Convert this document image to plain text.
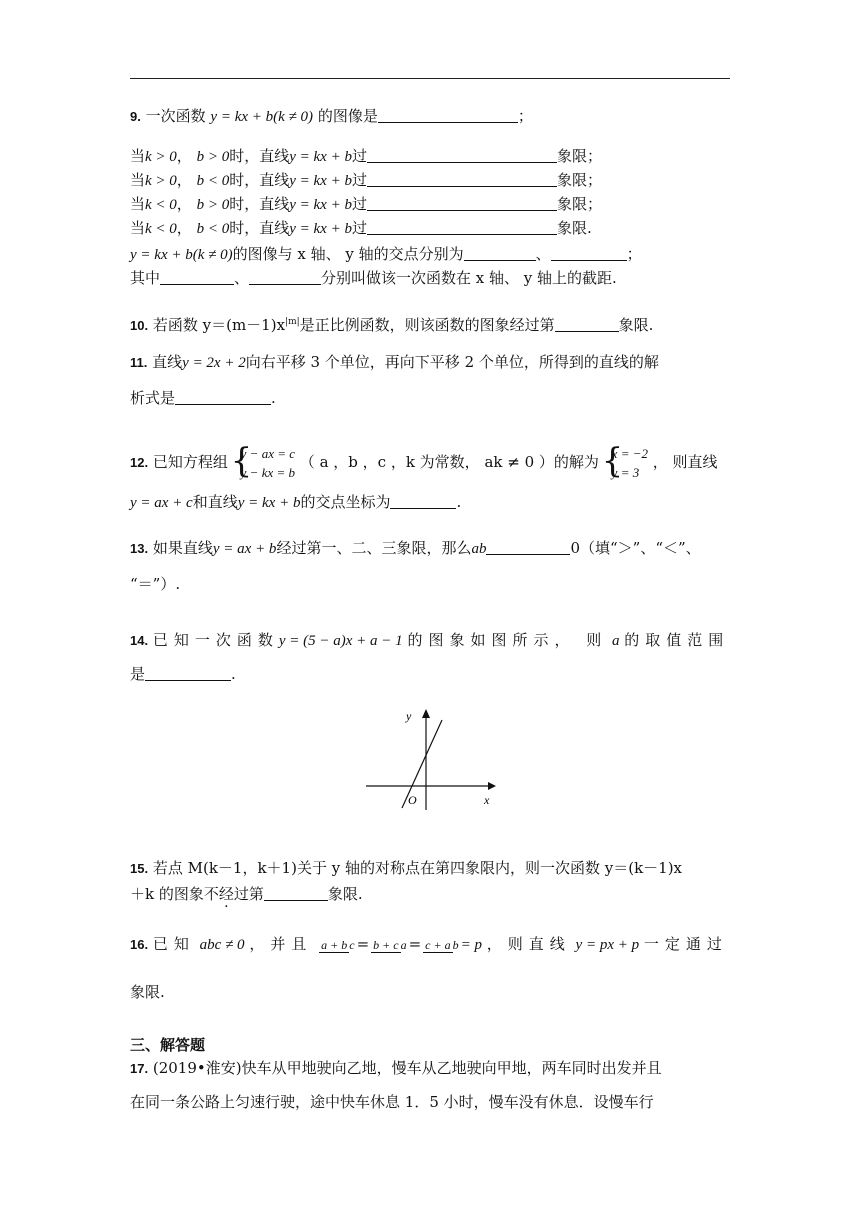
9. 一次函数 y = kx + b(k ≠ 0) 的图像是	；
当k > 0， b > 0时，直线y = kx + b过	象限；
当k > 0， b < 0时，直线y = kx + b过	象限；
当k < 0， b > 0时，直线y = kx + b过	象限；
当k < 0， b < 0时，直线y = kx + b过	象限.
y = kx + b(k ≠ 0)的图像与 x 轴、 y 轴的交点分别为	、	；
其中	、	分别叫做该一次函数在 x 轴、 y 轴上的截距.
10. 若函数 $y=(m-1)x^{|m|}$是正比例函数，则该函数的图象经过第	象限.
11. 直线y = 2x + 2向右平移 3 个单位，再向下平移 2 个单位，所得到的直线的解
析式是	.
12. 已知方程组 { y − ax = c
y − kx = b
（ a ，b ，c ，k 为常数， ak ≠ 0 ）的解为 { x = −2
y = 3
， 则直线
y = ax + c和直线y = kx + b的交点坐标为	.
13. 如果直线y = ax + b经过第一、二、三象限，那么ab	0（填“＞”、“＜”、
“＝”）.
14. 已知一次函数y = (5 − a)x + a − 1 的图象如图所示， 则 a 的取值范围
是	.
y
x
O
15. 若点 M(k－1，k＋1)关于 y 轴的对称点在第四象限内，则一次函数 y＝(k－1)x
＋k 的图象不经过第	象限.
16. 已知 abc ≠ 0 ，并且 a + b c = b + c a = c + a b = p ，则直线 y = px + p 一定通过
象限.
三、解答题
17. (2019•淮安)快车从甲地驶向乙地，慢车从乙地驶向甲地，两车同时出发并且
在同一条公路上匀速行驶，途中快车休息 1．5 小时，慢车没有休息．设慢车行
